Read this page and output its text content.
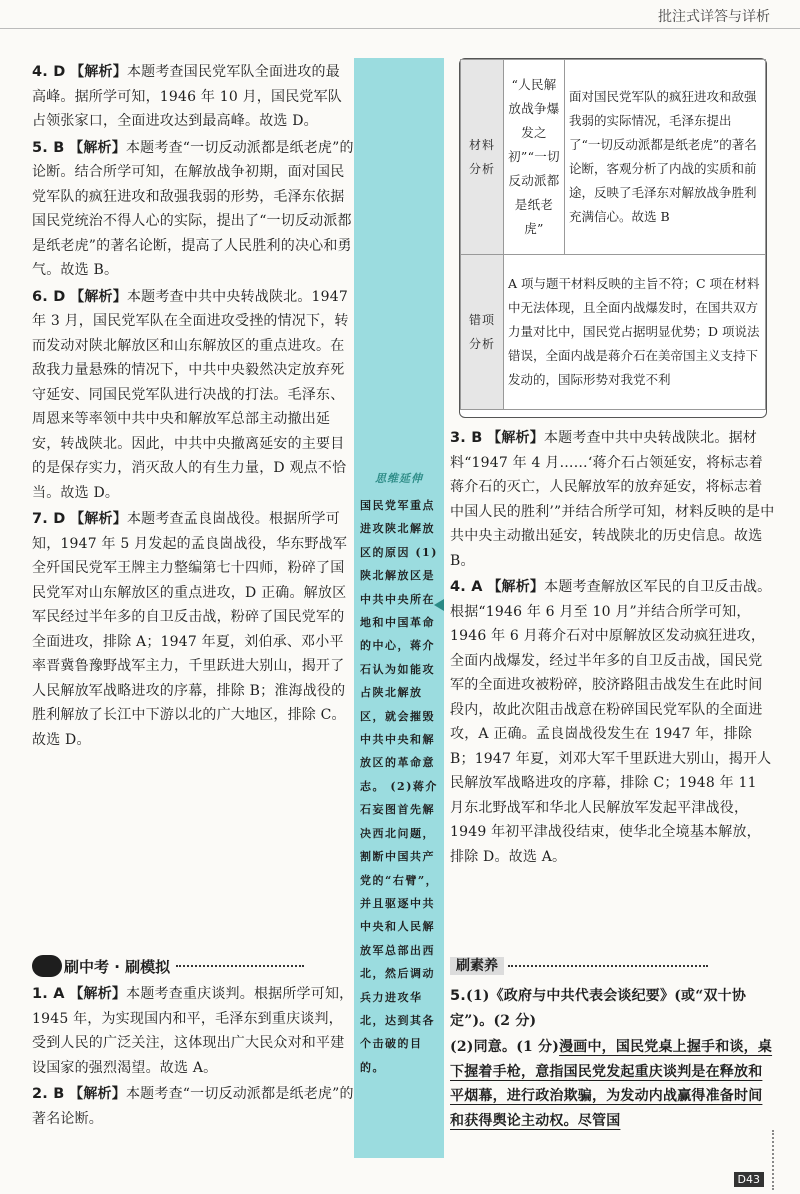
批注式详答与详析

4. D 【解析】本题考查国民党军队全面进攻的最高峰。据所学可知，1946 年 10 月，国民党军队占领张家口，全面进攻达到最高峰。故选 D。

5. B 【解析】本题考查“一切反动派都是纸老虎”的论断。结合所学可知，在解放战争初期，面对国民党军队的疯狂进攻和敌强我弱的形势，毛泽东依据国民党统治不得人心的实际，提出了“一切反动派都是纸老虎”的著名论断，提高了人民胜利的决心和勇气。故选 B。

6. D 【解析】本题考查中共中央转战陕北。1947 年 3 月，国民党军队在全面进攻受挫的情况下，转而发动对陕北解放区和山东解放区的重点进攻。在敌我力量悬殊的情况下，中共中央毅然决定放弃死守延安、同国民党军队进行决战的打法。毛泽东、周恩来等率领中共中央和解放军总部主动撤出延安，转战陕北。因此，中共中央撤离延安的主要目的是保存实力，消灭敌人的有生力量，D 观点不恰当。故选 D。

7. D 【解析】本题考查孟良崮战役。根据所学可知，1947 年 5 月发起的孟良崮战役，华东野战军全歼国民党军王牌主力整编第七十四师，粉碎了国民党军对山东解放区的重点进攻，D 正确。解放区军民经过半年多的自卫反击战，粉碎了国民党军的全面进攻，排除 A；1947 年夏，刘伯承、邓小平率晋冀鲁豫野战军主力，千里跃进大别山，揭开了人民解放军战略进攻的序幕，排除 B；淮海战役的胜利解放了长江中下游以北的广大地区，排除 C。故选 D。

刷中考 · 刷模拟

1. A 【解析】本题考查重庆谈判。根据所学可知，1945 年，为实现国内和平，毛泽东到重庆谈判，受到人民的广泛关注，这体现出广大民众对和平建设国家的强烈渴望。故选 A。

2. B 【解析】本题考查“一切反动派都是纸老虎”的著名论断。

思维延伸
国民党军重点进攻陕北解放区的原因 (1)陕北解放区是中共中央所在地和中国革命的中心，蒋介石认为如能攻占陕北解放区，就会摧毁中共中央和解放区的革命意志。 (2)蒋介石妄图首先解决西北问题，割断中国共产党的“右臂”，并且驱逐中共中央和人民解放军总部出西北，然后调动兵力进攻华北，达到其各个击破的目的。
材料分析	“人民解放战争爆发之初”“一切反动派都是纸老虎”	面对国民党军队的疯狂进攻和敌强我弱的实际情况，毛泽东提出了“一切反动派都是纸老虎”的著名论断，客观分析了内战的实质和前途，反映了毛泽东对解放战争胜利充满信心。故选 B
错项分析	A 项与题干材料反映的主旨不符；C 项在材料中无法体现，且全面内战爆发时，在国共双方力量对比中，国民党占据明显优势；D 项说法错误，全面内战是蒋介石在美帝国主义支持下发动的，国际形势对我党不利	

3. B 【解析】本题考查中共中央转战陕北。据材料“1947 年 4 月……‘蒋介石占领延安，将标志着蒋介石的灭亡，人民解放军的放弃延安，将标志着中国人民的胜利’”并结合所学可知，材料反映的是中共中央主动撤出延安，转战陕北的历史信息。故选 B。

4. A 【解析】本题考查解放区军民的自卫反击战。根据“1946 年 6 月至 10 月”并结合所学可知，1946 年 6 月蒋介石对中原解放区发动疯狂进攻，全面内战爆发，经过半年多的自卫反击战，国民党军的全面进攻被粉碎，胶济路阻击战发生在此时间段内，故此次阻击战意在粉碎国民党军队的全面进攻，A 正确。孟良崮战役发生在 1947 年，排除 B；1947 年夏，刘邓大军千里跃进大别山，揭开人民解放军战略进攻的序幕，排除 C；1948 年 11 月东北野战军和华北人民解放军发起平津战役，1949 年初平津战役结束，使华北全境基本解放，排除 D。故选 A。

刷素养

5.(1)《政府与中共代表会谈纪要》(或“双十协定”)。(2 分)

(2)同意。(1 分)漫画中，国民党桌上握手和谈，桌下握着手枪，意指国民党发起重庆谈判是在释放和平烟幕，进行政治欺骗，为发动内战赢得准备时间和获得舆论主动权。尽管国

D43
